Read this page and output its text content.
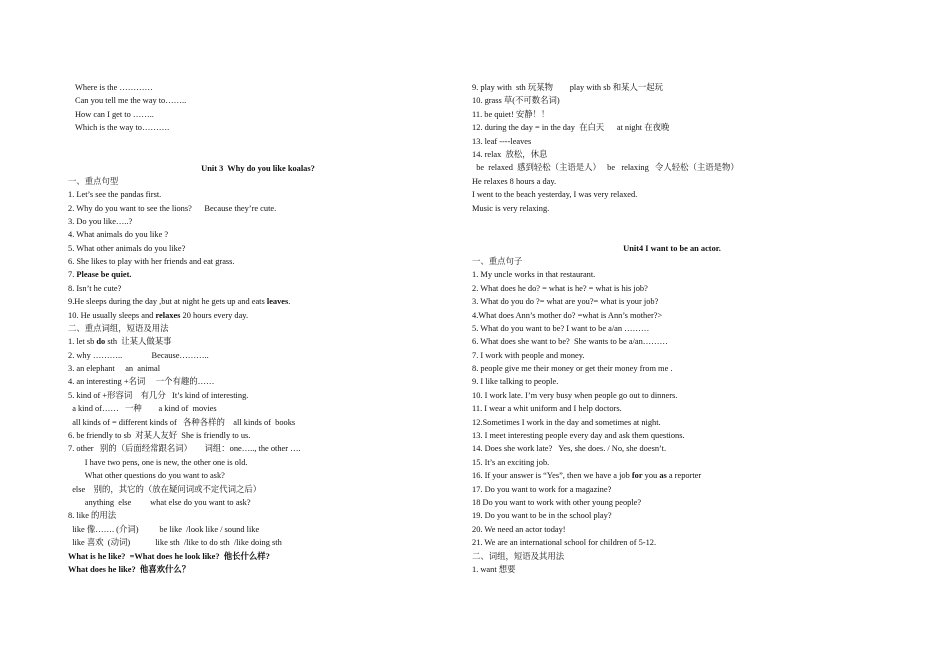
Where is the …………
Can you tell me the way to……..
How can I get to ……..
Which is the way to……….
Unit 3  Why do you like koalas?
一、重点句型
1. Let’s see the pandas first.
2. Why do you want to see the lions?      Because they’re cute.
3. Do you like…..?
4. What animals do you like ?
5. What other animals do you like?
6. She likes to play with her friends and eat grass.
7. Please be quiet.
8. Isn’t he cute?
9.He sleeps during the day ,but at night he gets up and eats leaves.
10. He usually sleeps and relaxes 20 hours every day.
二、重点词组，短语及用法
1. let sb do sth  让某人做某事
2. why ………..              Because………..
3. an elephant     an  animal
4. an interesting +名词     一个有趣的……
5. kind of +形容词    有几分   It’s kind of interesting.
a kind of……   一种        a kind of  movies
all kinds of = different kinds of   各种各样的    all kinds of  books
6. be friendly to sb  对某人友好  She is friendly to us.
7. other   别的（后面经常跟名词）      词组：one….., the other ….
I have two pens, one is new, the other one is old.
What other questions do you want to ask?
else    别的，其它的（放在疑问词或不定代词之后）
anything  else         what else do you want to ask?
8. like 的用法
like 像……. (介词)          be like  /look like / sound like
like 喜欢  (动词)            like sth  /like to do sth  /like doing sth
What is he like?  =What does he look like?  他长什么样?
What does he like?  他喜欢什么？
9. play with  sth 玩某物        play with sb 和某人一起玩
10. grass 草(不可数名词)
11. be quiet! 安静！！
12. during the day = in the day  在白天      at night 在夜晚
13. leaf ----leaves
14. relax  放松，休息
be  relaxed  感到轻松（主语是人）   be   relaxing   令人轻松（主语是物）
He relaxes 8 hours a day.
I went to the beach yesterday, I was very relaxed.
Music is very relaxing.
Unit4 I want to be an actor.
一、重点句子
1. My uncle works in that restaurant.
2. What does he do? = what is he? = what is his job?
3. What do you do ?= what are you?= what is your job?
4.What does Ann’s mother do? =what is Ann’s mother?>
5. What do you want to be? I want to be a/an ………
6. What does she want to be?  She wants to be a/an………
7. I work with people and money.
8. people give me their money or get their money from me .
9. I like talking to people.
10. I work late. I’m very busy when people go out to dinners.
11. I wear a whit uniform and I help doctors.
12.Sometimes I work in the day and sometimes at night.
13. I meet interesting people every day and ask them questions.
14. Does she work late?   Yes, she does. / No, she doesn’t.
15. It’s an exciting job.
16. If your answer is “Yes”, then we have a job for you as a reporter
17. Do you want to work for a magazine?
18 Do you want to work with other young people?
19. Do you want to be in the school play?
20. We need an actor today!
21. We are an international school for children of 5-12.
二、词组，短语及其用法
1. want 想要
